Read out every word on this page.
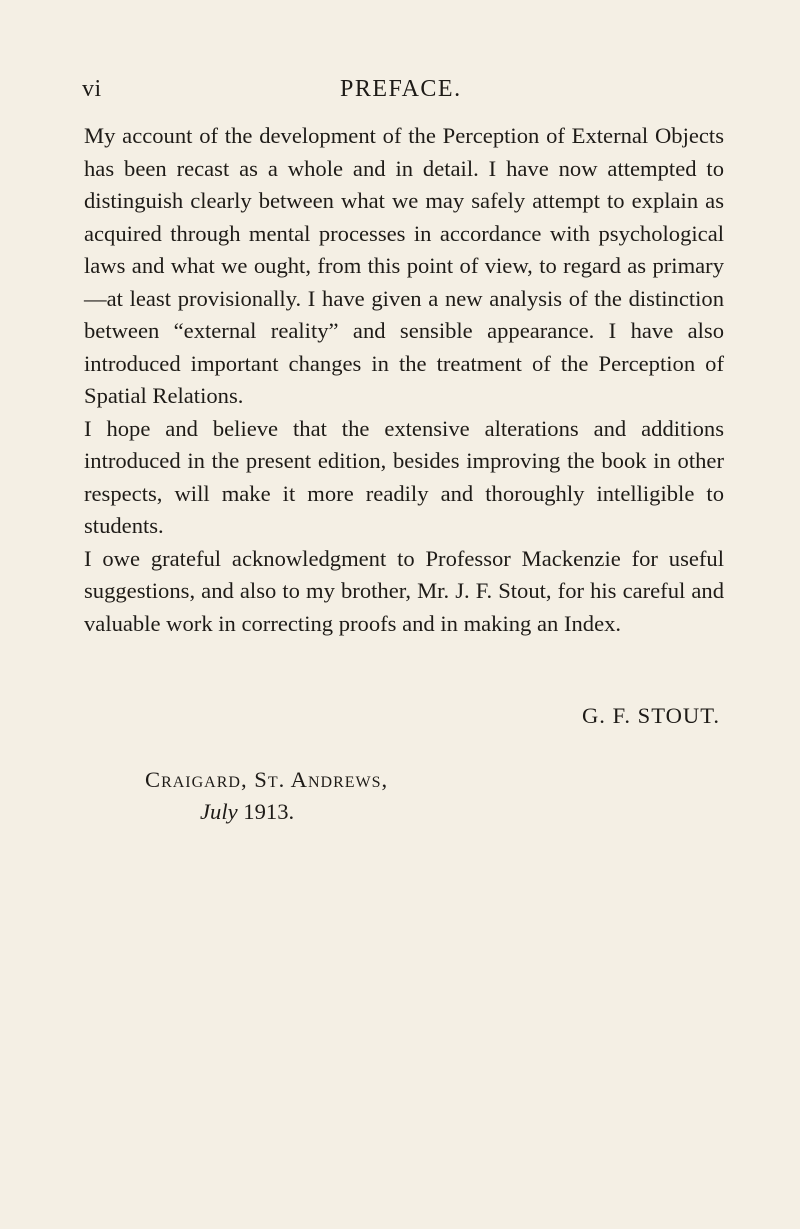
vi	PREFACE.

My account of the development of the Perception of External Objects has been recast as a whole and in detail. I have now attempted to distinguish clearly between what we may safely attempt to explain as acquired through mental processes in accordance with psychological laws and what we ought, from this point of view, to regard as primary—at least provisionally. I have given a new analysis of the distinction between “external reality” and sensible appearance. I have also introduced important changes in the treatment of the Perception of Spatial Relations.

I hope and believe that the extensive alterations and additions introduced in the present edition, besides improving the book in other respects, will make it more readily and thoroughly intelligible to students.

I owe grateful acknowledgment to Professor Mackenzie for useful suggestions, and also to my brother, Mr. J. F. Stout, for his careful and valuable work in correcting proofs and in making an Index.

G. F. STOUT.
Craigard, St. Andrews,
July 1913.
